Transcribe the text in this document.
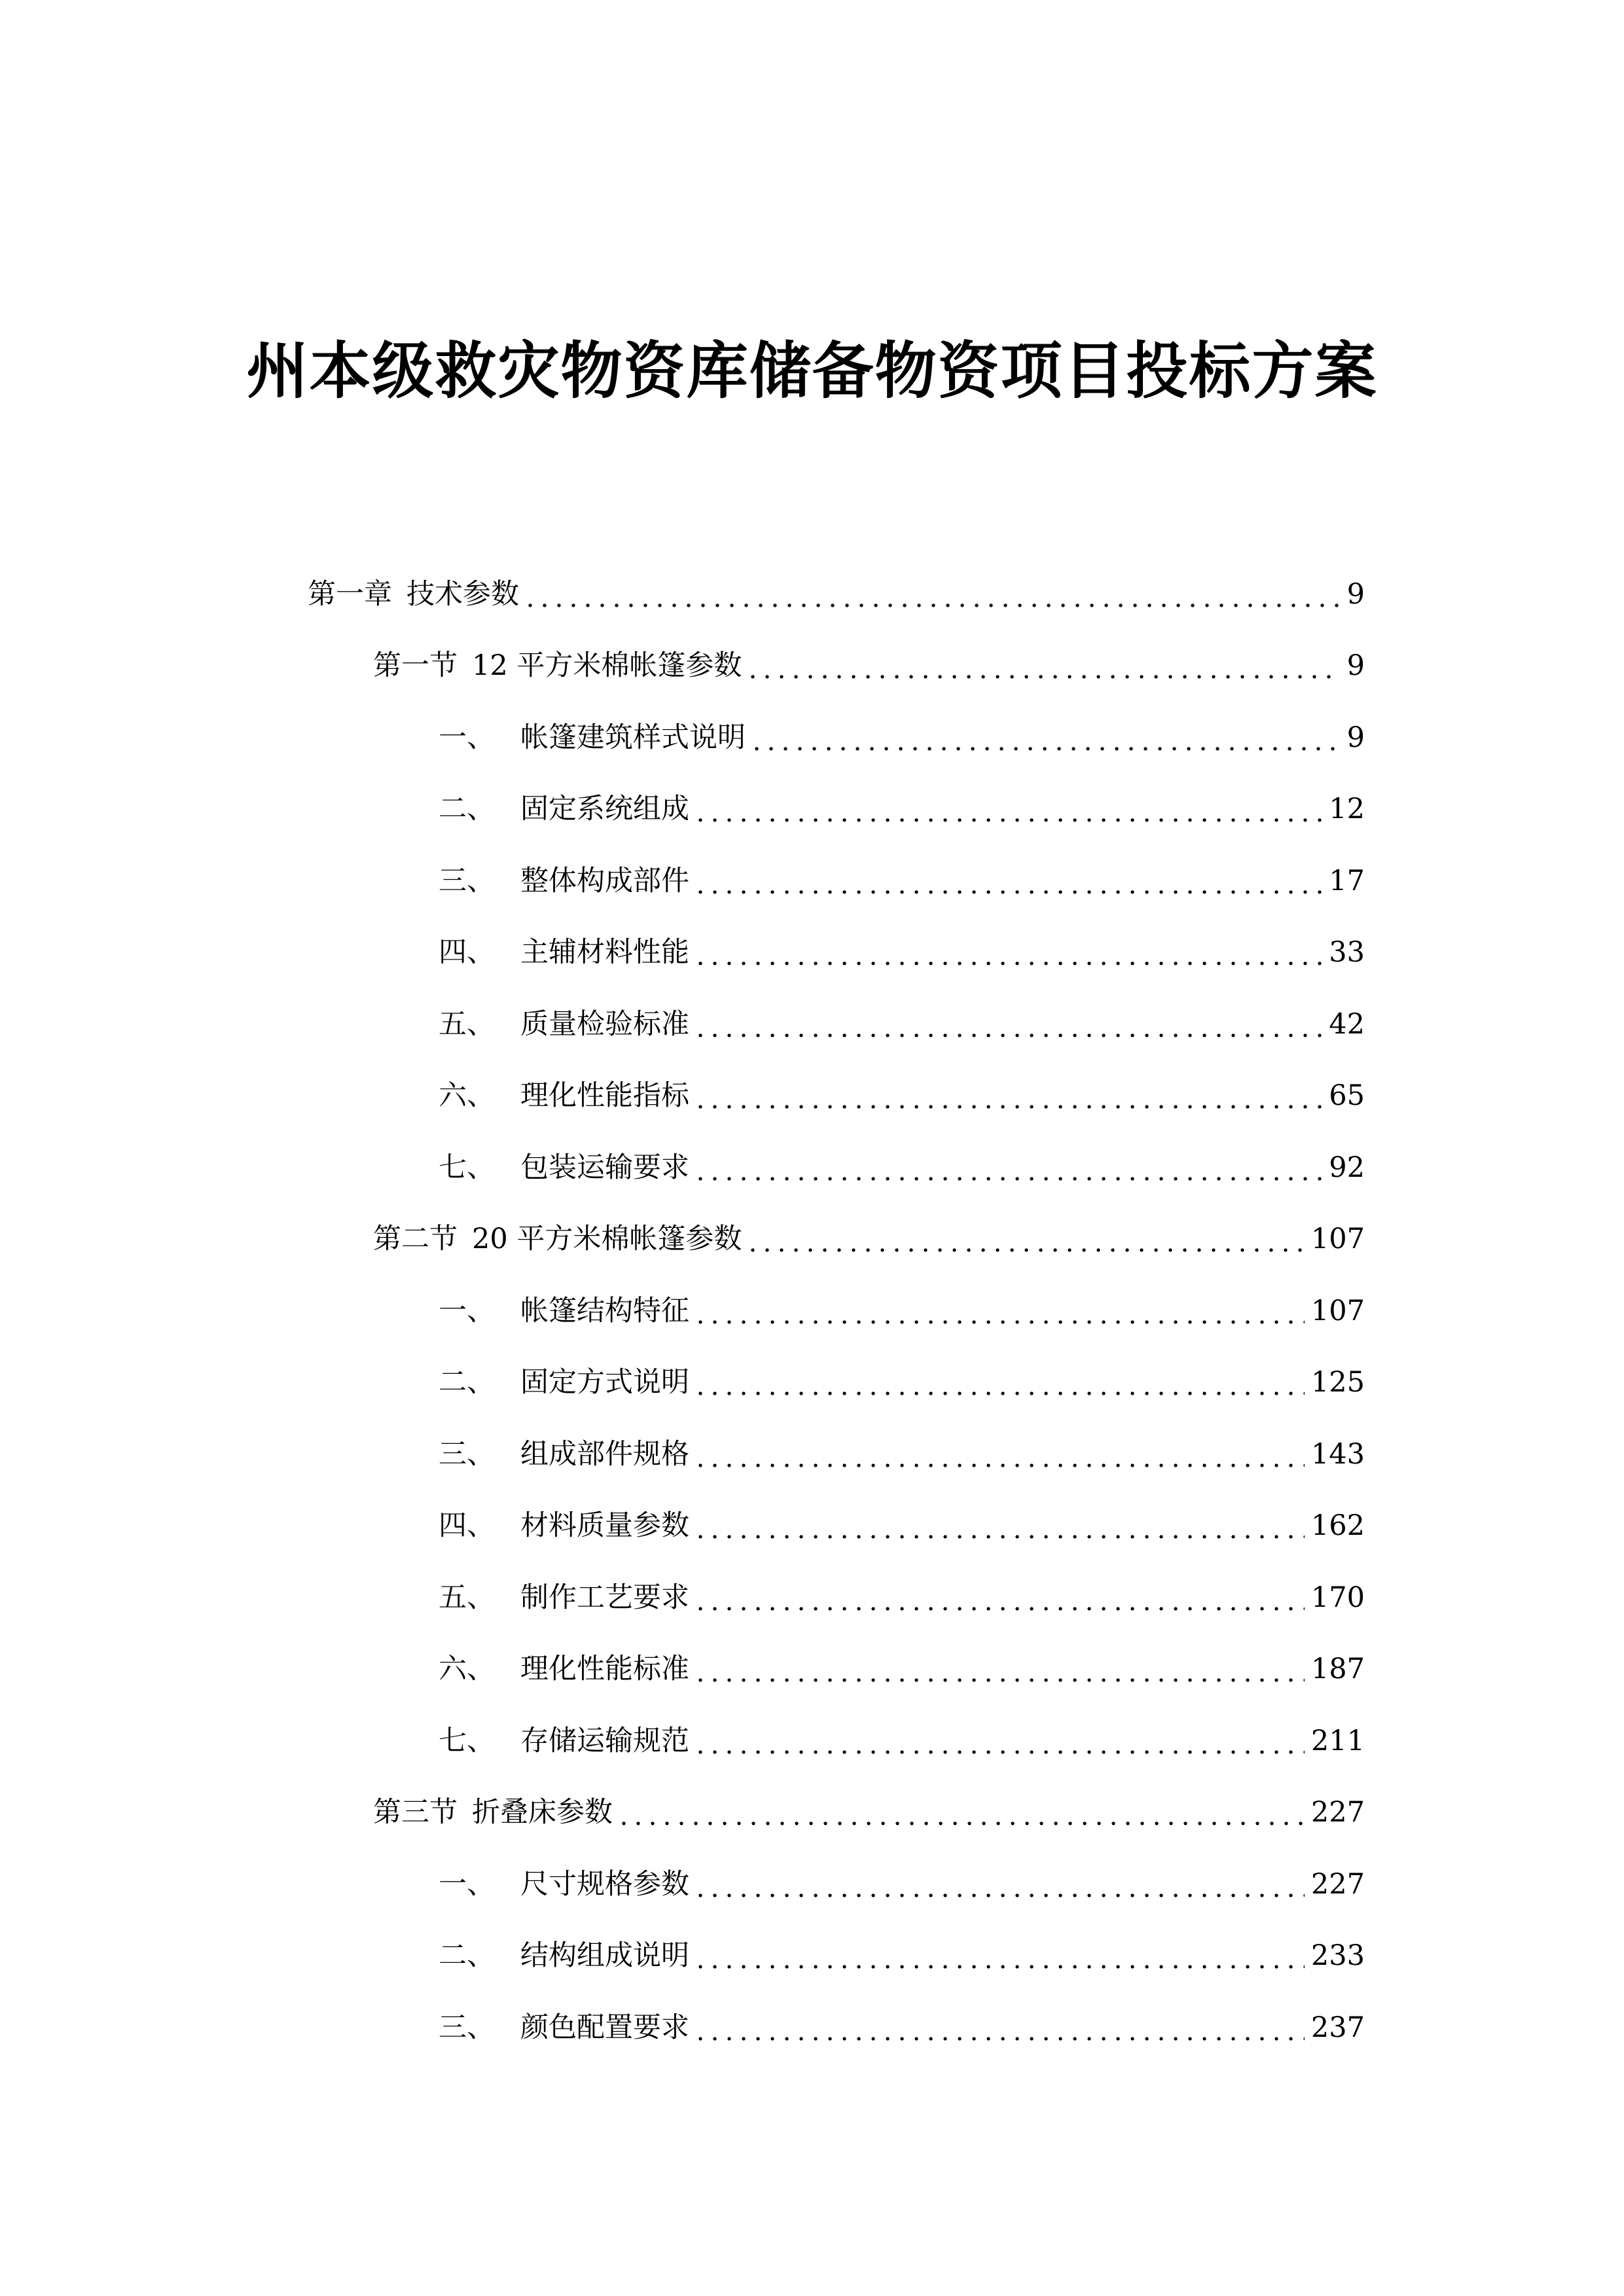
州本级救灾物资库储备物资项目投标方案
第一章 技术参数	9
第一节 12 平方米棉帐篷参数	9
一、 帐篷建筑样式说明	9
二、 固定系统组成	12
三、 整体构成部件	17
四、 主辅材料性能	33
五、 质量检验标准	42
六、 理化性能指标	65
七、 包装运输要求	92
第二节 20 平方米棉帐篷参数	107
一、 帐篷结构特征	107
二、 固定方式说明	125
三、 组成部件规格	143
四、 材料质量参数	162
五、 制作工艺要求	170
六、 理化性能标准	187
七、 存储运输规范	211
第三节 折叠床参数	227
一、 尺寸规格参数	227
二、 结构组成说明	233
三、 颜色配置要求	237
